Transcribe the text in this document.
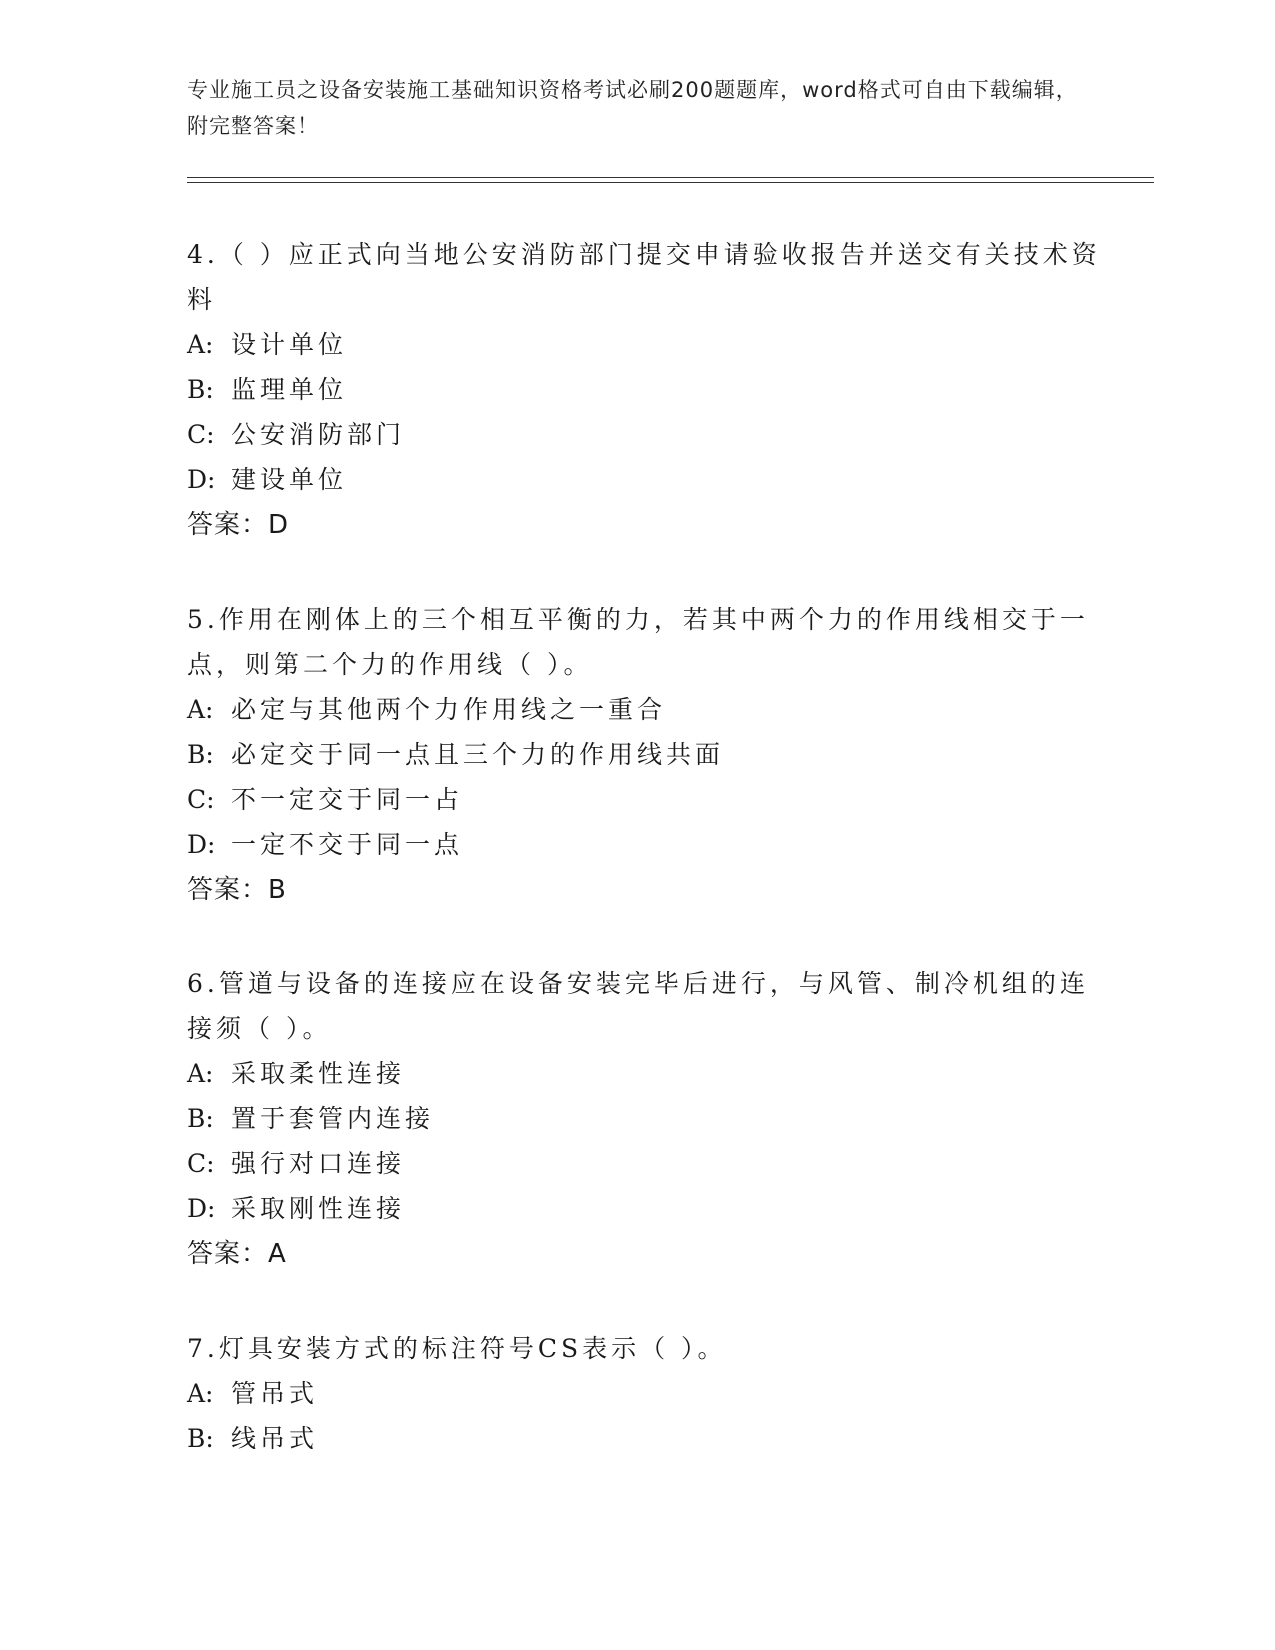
专业施工员之设备安装施工基础知识资格考试必刷200题题库，word格式可自由下载编辑，附完整答案！

4.（ ）应正式向当地公安消防部门提交申请验收报告并送交有关技术资料

A: 设计单位

B: 监理单位

C: 公安消防部门

D: 建设单位

答案：D

5.作用在刚体上的三个相互平衡的力，若其中两个力的作用线相交于一点，则第二个力的作用线（ ）。

A: 必定与其他两个力作用线之一重合

B: 必定交于同一点且三个力的作用线共面

C: 不一定交于同一占

D: 一定不交于同一点

答案：B

6.管道与设备的连接应在设备安装完毕后进行，与风管、制冷机组的连接须（ ）。

A: 采取柔性连接

B: 置于套管内连接

C: 强行对口连接

D: 采取刚性连接

答案：A

7.灯具安装方式的标注符号CS表示（ ）。

A: 管吊式

B: 线吊式
